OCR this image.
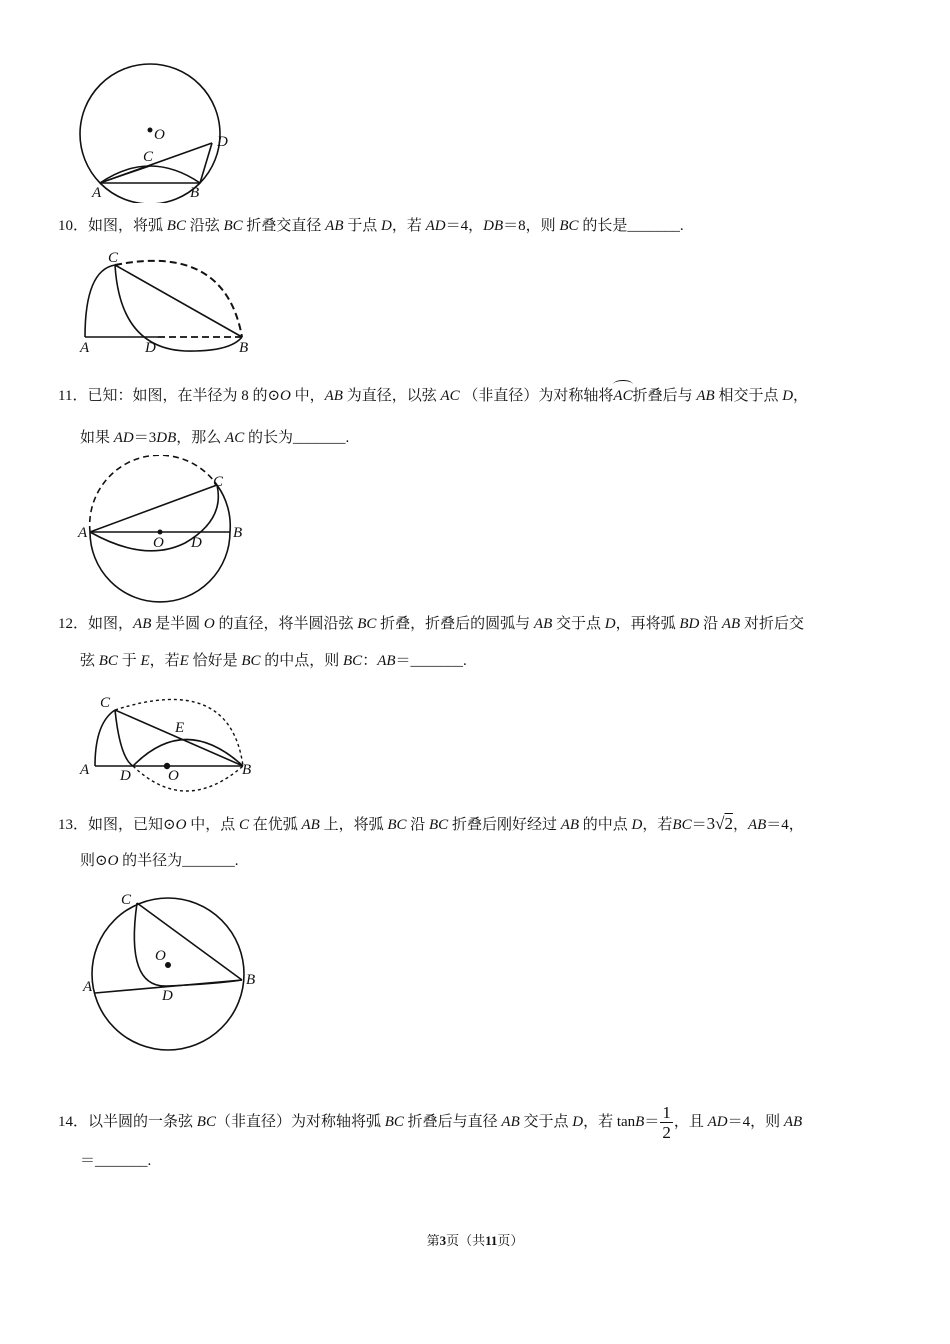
O
C
D
A	B
10．如图，将弧 BC 沿弦 BC 折叠交直径 AB 于点 D，若 AD＝4，DB＝8，则 BC 的长是_______.
C
A	D	B
11．已知：如图，在半径为 8 的⊙O 中，AB 为直径，以弦 AC （非直径）为对称轴将AC折叠后与 AB 相交于点 D，
如果 AD＝3DB，那么 AC 的长为_______.
C
A
O D
B
12．如图，AB 是半圆 O 的直径，将半圆沿弦 BC 折叠，折叠后的圆弧与 AB 交于点 D，再将弧 BD 沿 AB 对折后交
弦 BC 于 E，若E 恰好是 BC 的中点，则 BC：AB＝_______.
C
E
A D O	B
13．如图，已知⊙O 中，点 C 在优弧 AB 上，将弧 BC 沿 BC 折叠后刚好经过 AB 的中点 D，若BC＝3√2，AB＝4，
则⊙O 的半径为_______.
C
O
A
D
B
14．以半圆的一条弦 BC（非直径）为对称轴将弧 BC 折叠后与直径 AB 交于点 D，若 $\tan B= \frac{1}{2}$ ，且 AD＝4，则 AB
＝_______.
第3页（共11页）
